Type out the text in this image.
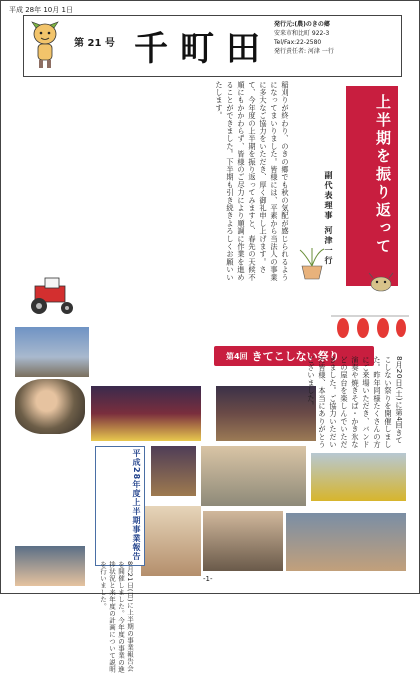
平成 28年 10月 1日
第 21 号 千町田
発行元:(農)のきの郷
安来市和比町 922-3
Tel/Fax:22-2580
発行責任者: 河津 一行
稲刈りが終わり、のきの郷でも秋の気配が感じられるようになってまいりました。皆様には、平素から当法人の事業に多大なご協力をいただき、厚く御礼申し上げます。さて、今年度の上半期を振り返ってみますと、春先の天候不順にもかかわらず、皆様のご尽力により順調に作業を進めることができました。下半期も引き続きよろしくお願いいたします。	上半期を振り返って
副代表理事 河津一行
第4回 きてこしない祭り	8月20日(土)に第4回きてこしない祭りを開催しました。昨年同様たくさんの方にご来場いただき、バンド演奏や焼きそば・かき氷などの屋台を楽しんでいただきました。ご協力いただいた皆様、本当にありがとうございました。
平成28年度上半期事業報告
8月21日(日)に上半期の事業報告会を開催しました。今年度の事業の進捗状況と来年度の計画について説明を行いました。	-1-
